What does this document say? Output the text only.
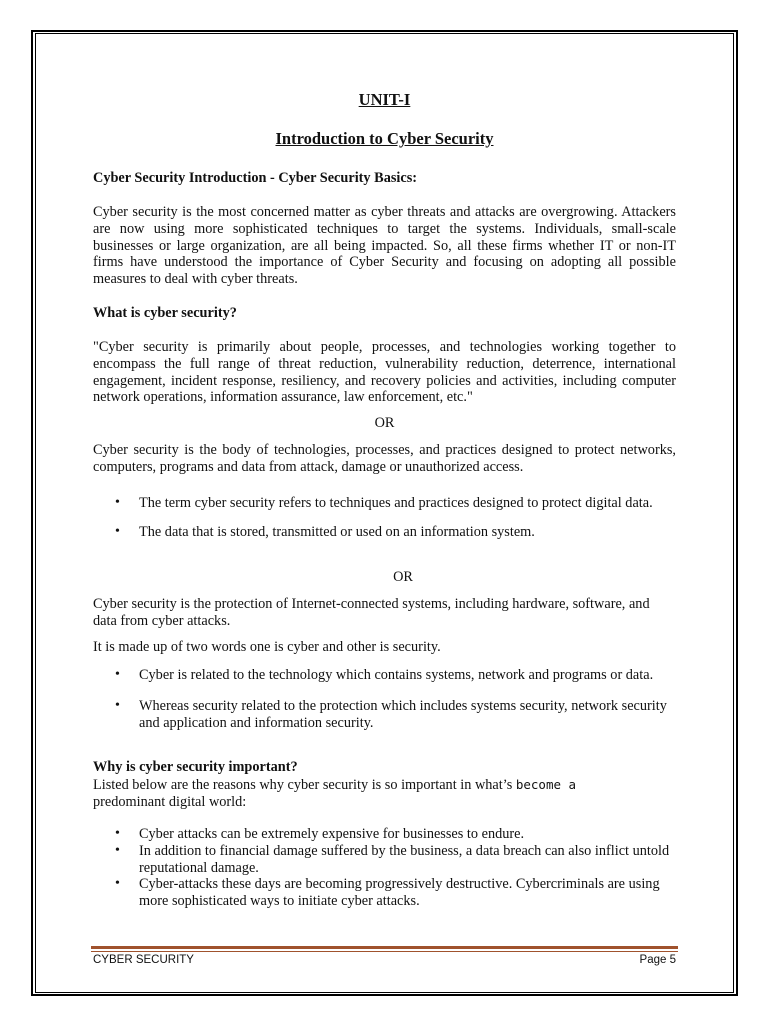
UNIT-I
Introduction to Cyber Security

Cyber Security Introduction - Cyber Security Basics:

Cyber security is the most concerned matter as cyber threats and attacks are overgrowing. Attackers are now using more sophisticated techniques to target the systems. Individuals, small-scale businesses or large organization, are all being impacted. So, all these firms whether IT or non-IT firms have understood the importance of Cyber Security and focusing on adopting all possible measures to deal with cyber threats.

What is cyber security?

"Cyber security is primarily about people, processes, and technologies working together to encompass the full range of threat reduction, vulnerability reduction, deterrence, international engagement, incident response, resiliency, and recovery policies and activities, including computer network operations, information assurance, law enforcement, etc."

OR

Cyber security is the body of technologies, processes, and practices designed to protect networks, computers, programs and data from attack, damage or unauthorized access.

• The term cyber security refers to techniques and practices designed to protect digital data.
• The data that is stored, transmitted or used on an information system.

OR

Cyber security is the protection of Internet-connected systems, including hardware, software, and data from cyber attacks.

It is made up of two words one is cyber and other is security.

• Cyber is related to the technology which contains systems, network and programs or data.
• Whereas security related to the protection which includes systems security, network security and application and information security.

Why is cyber security important?

Listed below are the reasons why cyber security is so important in what’s become a
predominant digital world:

• Cyber attacks can be extremely expensive for businesses to endure.
• In addition to financial damage suffered by the business, a data breach can also inflict untold reputational damage.
• Cyber-attacks these days are becoming progressively destructive. Cybercriminals are using more sophisticated ways to initiate cyber attacks.
CYBER SECURITY	Page 5
